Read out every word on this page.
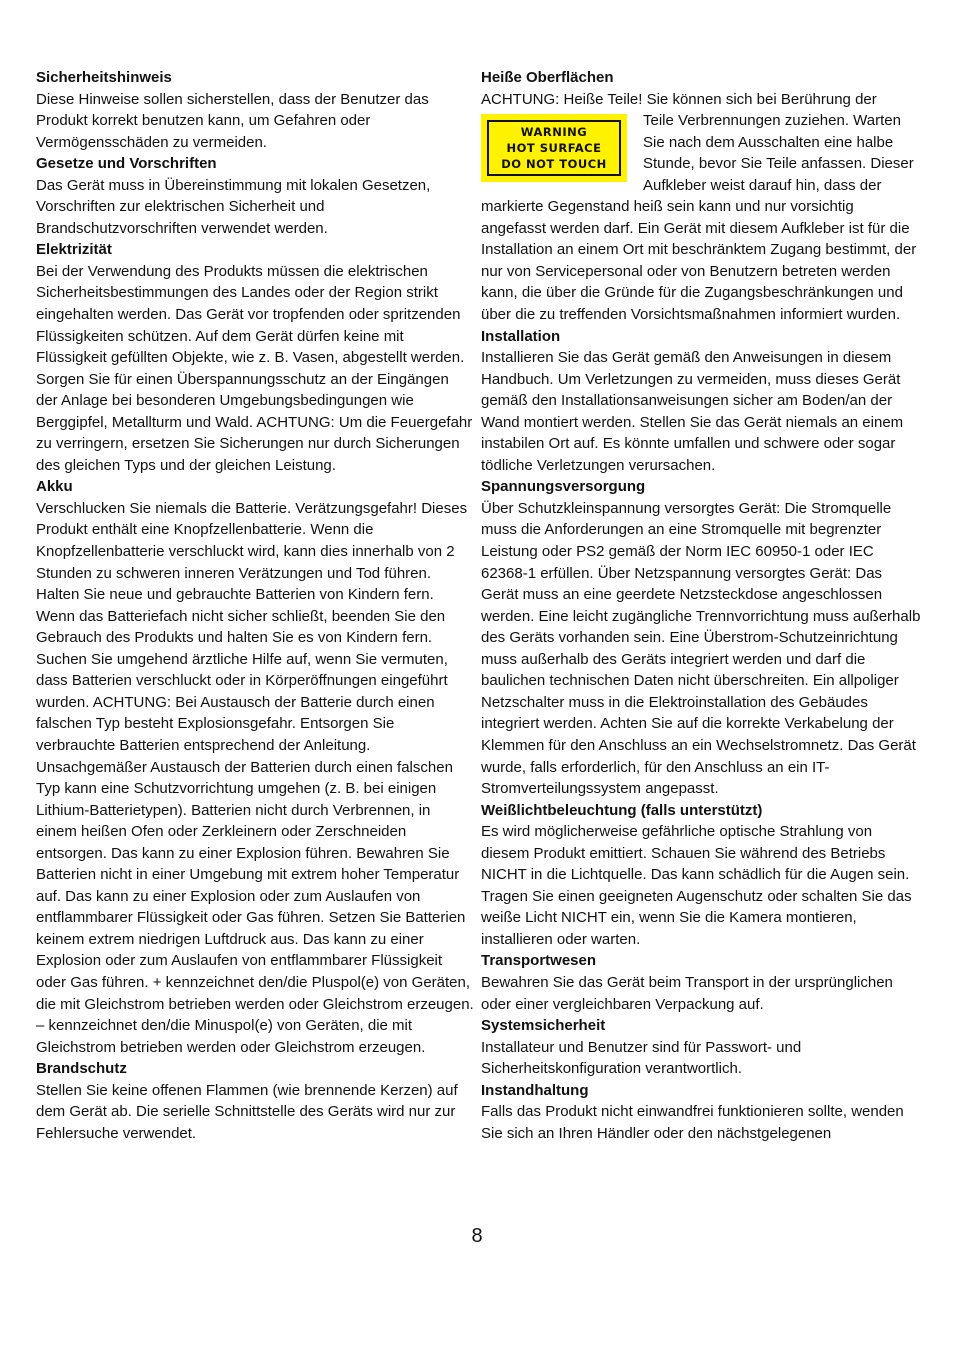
Sicherheitshinweis

Diese Hinweise sollen sicherstellen, dass der Benutzer das Produkt korrekt benutzen kann, um Gefahren oder Vermögensschäden zu vermeiden.

Gesetze und Vorschriften

Das Gerät muss in Übereinstimmung mit lokalen Gesetzen, Vorschriften zur elektrischen Sicherheit und Brandschutzvorschriften verwendet werden.

Elektrizität

Bei der Verwendung des Produkts müssen die elektrischen Sicherheitsbestimmungen des Landes oder der Region strikt eingehalten werden. Das Gerät vor tropfenden oder spritzenden Flüssigkeiten schützen. Auf dem Gerät dürfen keine mit Flüssigkeit gefüllten Objekte, wie z. B. Vasen, abgestellt werden. Sorgen Sie für einen Überspannungsschutz an der Eingängen der Anlage bei besonderen Umgebungsbedingungen wie Berggipfel, Metallturm und Wald. ACHTUNG: Um die Feuergefahr zu verringern, ersetzen Sie Sicherungen nur durch Sicherungen des gleichen Typs und der gleichen Leistung.

Akku

Verschlucken Sie niemals die Batterie. Verätzungsgefahr! Dieses Produkt enthält eine Knopfzellenbatterie. Wenn die Knopfzellenbatterie verschluckt wird, kann dies innerhalb von 2 Stunden zu schweren inneren Verätzungen und Tod führen. Halten Sie neue und gebrauchte Batterien von Kindern fern. Wenn das Batteriefach nicht sicher schließt, beenden Sie den Gebrauch des Produkts und halten Sie es von Kindern fern. Suchen Sie umgehend ärztliche Hilfe auf, wenn Sie vermuten, dass Batterien verschluckt oder in Körperöffnungen eingeführt wurden. ACHTUNG: Bei Austausch der Batterie durch einen falschen Typ besteht Explosionsgefahr. Entsorgen Sie verbrauchte Batterien entsprechend der Anleitung. Unsachgemäßer Austausch der Batterien durch einen falschen Typ kann eine Schutzvorrichtung umgehen (z. B. bei einigen Lithium-Batterietypen). Batterien nicht durch Verbrennen, in einem heißen Ofen oder Zerkleinern oder Zerschneiden entsorgen. Das kann zu einer Explosion führen. Bewahren Sie Batterien nicht in einer Umgebung mit extrem hoher Temperatur auf. Das kann zu einer Explosion oder zum Auslaufen von entflammbarer Flüssigkeit oder Gas führen. Setzen Sie Batterien keinem extrem niedrigen Luftdruck aus. Das kann zu einer Explosion oder zum Auslaufen von entflammbarer Flüssigkeit oder Gas führen. + kennzeichnet den/die Pluspol(e) von Geräten, die mit Gleichstrom betrieben werden oder Gleichstrom erzeugen. – kennzeichnet den/die Minuspol(e) von Geräten, die mit Gleichstrom betrieben werden oder Gleichstrom erzeugen.

Brandschutz

Stellen Sie keine offenen Flammen (wie brennende Kerzen) auf dem Gerät ab. Die serielle Schnittstelle des Geräts wird nur zur Fehlersuche verwendet.

Heiße Oberflächen

ACHTUNG: Heiße Teile! Sie können sich bei Berührung der

WARNING
HOT SURFACE
DO NOT TOUCH

Teile Verbrennungen zuziehen. Warten Sie nach dem Ausschalten eine halbe Stunde, bevor Sie Teile anfassen. Dieser Aufkleber weist darauf hin, dass der markierte Gegenstand heiß sein kann und nur vorsichtig angefasst werden darf. Ein Gerät mit diesem Aufkleber ist für die Installation an einem Ort mit beschränktem Zugang bestimmt, der nur von Servicepersonal oder von Benutzern betreten werden kann, die über die Gründe für die Zugangsbeschränkungen und über die zu treffenden Vorsichtsmaßnahmen informiert wurden.

Installation

Installieren Sie das Gerät gemäß den Anweisungen in diesem Handbuch. Um Verletzungen zu vermeiden, muss dieses Gerät gemäß den Installationsanweisungen sicher am Boden/an der Wand montiert werden. Stellen Sie das Gerät niemals an einem instabilen Ort auf. Es könnte umfallen und schwere oder sogar tödliche Verletzungen verursachen.

Spannungsversorgung

Über Schutzkleinspannung versorgtes Gerät: Die Stromquelle muss die Anforderungen an eine Stromquelle mit begrenzter Leistung oder PS2 gemäß der Norm IEC 60950-1 oder IEC 62368-1 erfüllen. Über Netzspannung versorgtes Gerät: Das Gerät muss an eine geerdete Netzsteckdose angeschlossen werden. Eine leicht zugängliche Trennvorrichtung muss außerhalb des Geräts vorhanden sein. Eine Überstrom-Schutzeinrichtung muss außerhalb des Geräts integriert werden und darf die baulichen technischen Daten nicht überschreiten. Ein allpoliger Netzschalter muss in die Elektroinstallation des Gebäudes integriert werden. Achten Sie auf die korrekte Verkabelung der Klemmen für den Anschluss an ein Wechselstromnetz. Das Gerät wurde, falls erforderlich, für den Anschluss an ein IT-Stromverteilungssystem angepasst.

Weißlichtbeleuchtung (falls unterstützt)

Es wird möglicherweise gefährliche optische Strahlung von diesem Produkt emittiert. Schauen Sie während des Betriebs NICHT in die Lichtquelle. Das kann schädlich für die Augen sein. Tragen Sie einen geeigneten Augenschutz oder schalten Sie das weiße Licht NICHT ein, wenn Sie die Kamera montieren, installieren oder warten.

Transportwesen

Bewahren Sie das Gerät beim Transport in der ursprünglichen oder einer vergleichbaren Verpackung auf.

Systemsicherheit

Installateur und Benutzer sind für Passwort- und Sicherheitskonfiguration verantwortlich.

Instandhaltung

Falls das Produkt nicht einwandfrei funktionieren sollte, wenden Sie sich an Ihren Händler oder den nächstgelegenen

8
